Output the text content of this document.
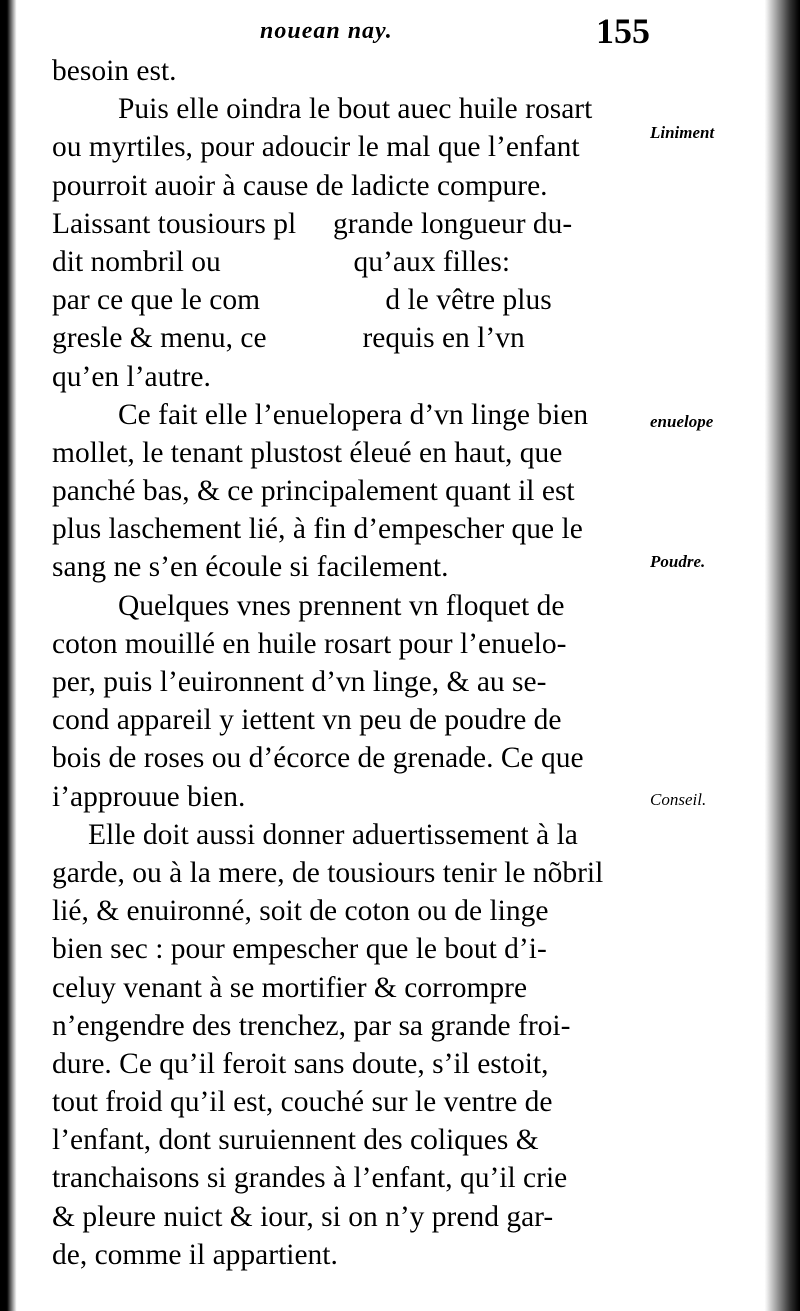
nouean nay.	155
besoin est.
Puis elle oindra le bout auec huile rosart
ou myrtiles, pour adoucir le mal que l’enfant
pourroit auoir à cause de ladicte compure.
Laissant tousiours pl   grande longueur du-
dit nombril ou      qu’aux filles:
par ce que le com     d le vêtre plus
gresle & menu, ce    requis en l’vn
qu’en l’autre.
Ce fait elle l’enuelopera d’vn linge bien
mollet, le tenant plustost éleué en haut, que
panché bas, & ce principalement quant il est
plus laschement lié, à fin d’empescher que le
sang ne s’en écoule si facilement.
Quelques vnes prennent vn floquet de
coton mouillé en huile rosart pour l’enuelo-
per, puis l’euironnent d’vn linge, & au se-
cond appareil y iettent vn peu de poudre de
bois de roses ou d’écorce de grenade. Ce que
i’approuue bien.
Elle doit aussi donner aduertissement à la
garde, ou à la mere, de tousiours tenir le nõbril
lié, & enuironné, soit de coton ou de linge
bien sec : pour empescher que le bout d’i-
celuy venant à se mortifier & corrompre
n’engendre des trenchez, par sa grande froi-
dure. Ce qu’il feroit sans doute, s’il estoit,
tout froid qu’il est, couché sur le ventre de
l’enfant, dont suruiennent des coliques &
tranchaisons si grandes à l’enfant, qu’il crie
& pleure nuict & iour, si on n’y prend gar-
de, comme il appartient.
Liniment
enuelope
Poudre.
Conseil.
